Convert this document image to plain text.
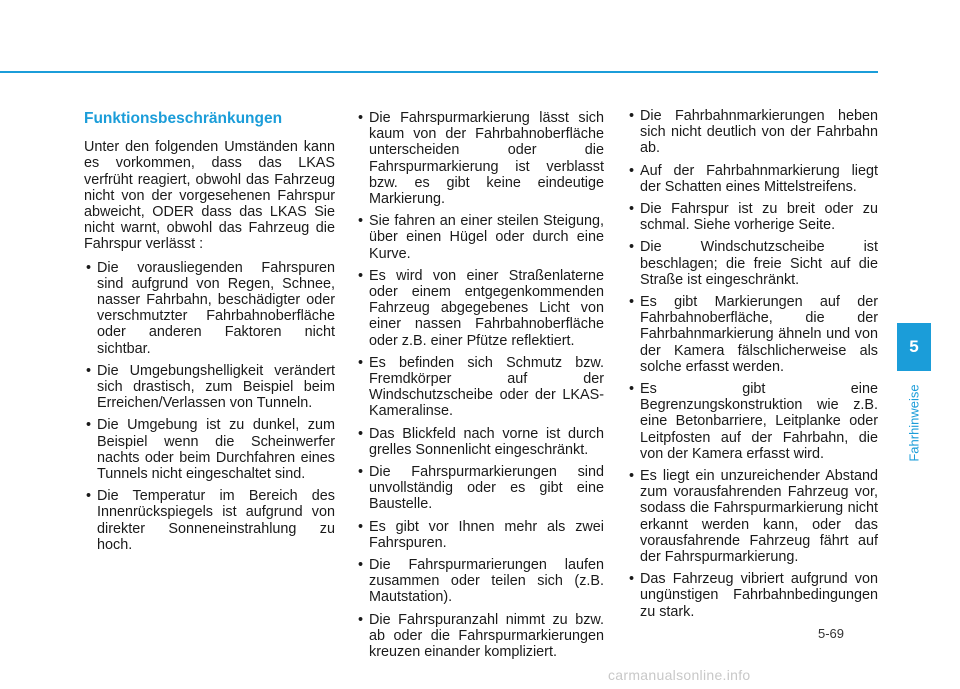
Funktionsbeschränkungen

Unter den folgenden Umständen kann es vorkommen, dass das LKAS verfrüht reagiert, obwohl das Fahrzeug nicht von der vorgesehenen Fahrspur abweicht, ODER dass das LKAS Sie nicht warnt, obwohl das Fahrzeug die Fahrspur verlässt :

• Die vorausliegenden Fahrspuren sind aufgrund von Regen, Schnee, nasser Fahrbahn, beschädigter oder verschmutzter Fahrbahnoberfläche oder anderen Faktoren nicht sichtbar.
• Die Umgebungshelligkeit verändert sich drastisch, zum Beispiel beim Erreichen/Verlassen von Tunneln.
• Die Umgebung ist zu dunkel, zum Beispiel wenn die Scheinwerfer nachts oder beim Durchfahren eines Tunnels nicht eingeschaltet sind.
• Die Temperatur im Bereich des Innenrückspiegels ist aufgrund von direkter Sonneneinstrahlung zu hoch.
• Die Fahrspurmarkierung lässt sich kaum von der Fahrbahnoberfläche unterscheiden oder die Fahrspurmarkierung ist verblasst bzw. es gibt keine eindeutige Markierung.
• Sie fahren an einer steilen Steigung, über einen Hügel oder durch eine Kurve.
• Es wird von einer Straßenlaterne oder einem entgegenkommenden Fahrzeug abgegebenes Licht von einer nassen Fahrbahnoberfläche oder z.B. einer Pfütze reflektiert.
• Es befinden sich Schmutz bzw. Fremdkörper auf der Windschutzscheibe oder der LKAS-Kameralinse.
• Das Blickfeld nach vorne ist durch grelles Sonnenlicht eingeschränkt.
• Die Fahrspurmarkierungen sind unvollständig oder es gibt eine Baustelle.
• Es gibt vor Ihnen mehr als zwei Fahrspuren.
• Die Fahrspurmarierungen laufen zusammen oder teilen sich (z.B. Mautstation).
• Die Fahrspuranzahl nimmt zu bzw. ab oder die Fahrspurmarkierungen kreuzen einander kompliziert.
• Die Fahrbahnmarkierungen heben sich nicht deutlich von der Fahrbahn ab.
• Auf der Fahrbahnmarkierung liegt der Schatten eines Mittelstreifens.
• Die Fahrspur ist zu breit oder zu schmal. Siehe vorherige Seite.
• Die Windschutzscheibe ist beschlagen; die freie Sicht auf die Straße ist eingeschränkt.
• Es gibt Markierungen auf der Fahrbahnoberfläche, die der Fahrbahnmarkierung ähneln und von der Kamera fälschlicherweise als solche erfasst werden.
• Es gibt eine Begrenzungskonstruktion wie z.B. eine Betonbarriere, Leitplanke oder Leitpfosten auf der Fahrbahn, die von der Kamera erfasst wird.
• Es liegt ein unzureichender Abstand zum vorausfahrenden Fahrzeug vor, sodass die Fahrspurmarkierung nicht erkannt werden kann, oder das vorausfahrende Fahrzeug fährt auf der Fahrspurmarkierung.
• Das Fahrzeug vibriert aufgrund von ungünstigen Fahrbahnbedingungen zu stark.
5
Fahrhinweise
5-69
carmanualsonline.info
